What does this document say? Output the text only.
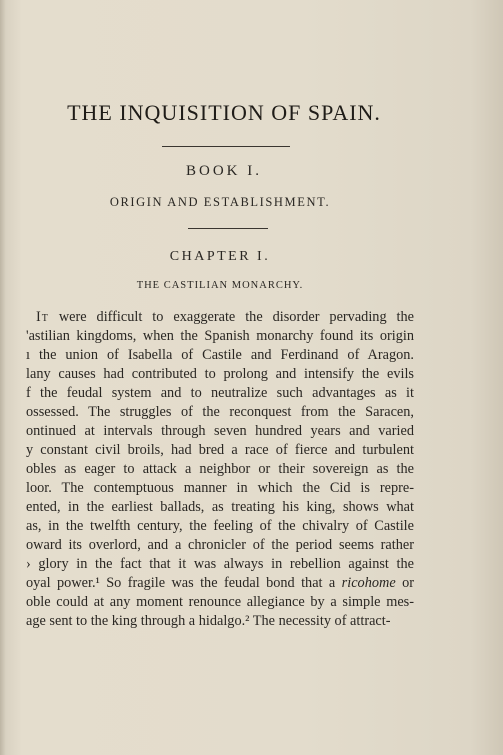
THE INQUISITION OF SPAIN.
BOOK I.
ORIGIN AND ESTABLISHMENT.
CHAPTER I.
THE CASTILIAN MONARCHY.
It were difficult to exaggerate the disorder pervading the
'astilian kingdoms, when the Spanish monarchy found its origin
ı the union of Isabella of Castile and Ferdinand of Aragon.
lany causes had contributed to prolong and intensify the evils
f the feudal system and to neutralize such advantages as it
ossessed. The struggles of the reconquest from the Saracen,
ontinued at intervals through seven hundred years and varied
y constant civil broils, had bred a race of fierce and turbulent
obles as eager to attack a neighbor or their sovereign as the
loor. The contemptuous manner in which the Cid is repre-
ented, in the earliest ballads, as treating his king, shows what
as, in the twelfth century, the feeling of the chivalry of Castile
oward its overlord, and a chronicler of the period seems rather
› glory in the fact that it was always in rebellion against the
oyal power.¹ So fragile was the feudal bond that a ricohome or
oble could at any moment renounce allegiance by a simple mes-
age sent to the king through a hidalgo.² The necessity of attract-
